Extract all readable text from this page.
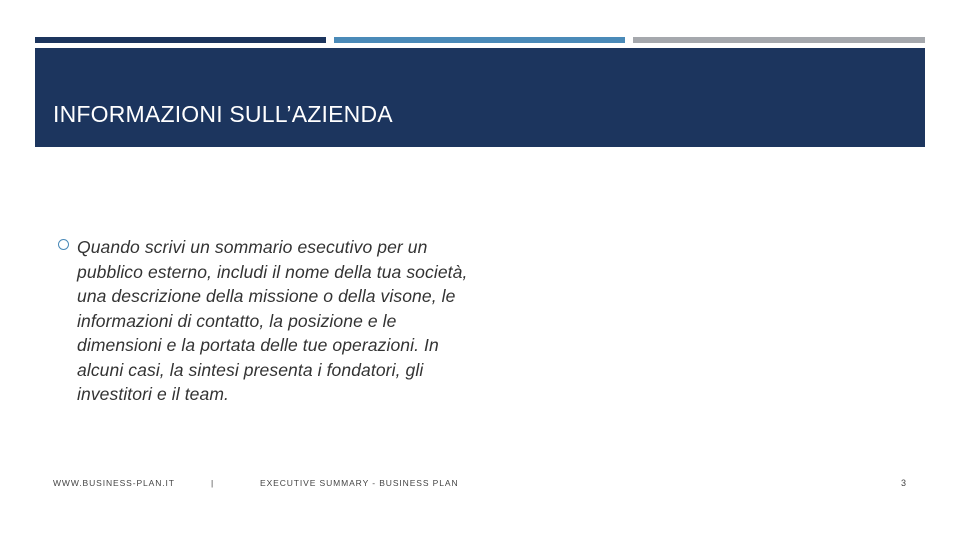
INFORMAZIONI SULL’AZIENDA
Quando scrivi un sommario esecutivo per un pubblico esterno, includi il nome della tua società, una descrizione della missione o della visone, le informazioni di contatto, la posizione e le dimensioni e la portata delle tue operazioni. In alcuni casi, la sintesi presenta i fondatori, gli investitori e il team.
WWW.BUSINESS-PLAN.IT	|	EXECUTIVE SUMMARY - BUSINESS PLAN	3
